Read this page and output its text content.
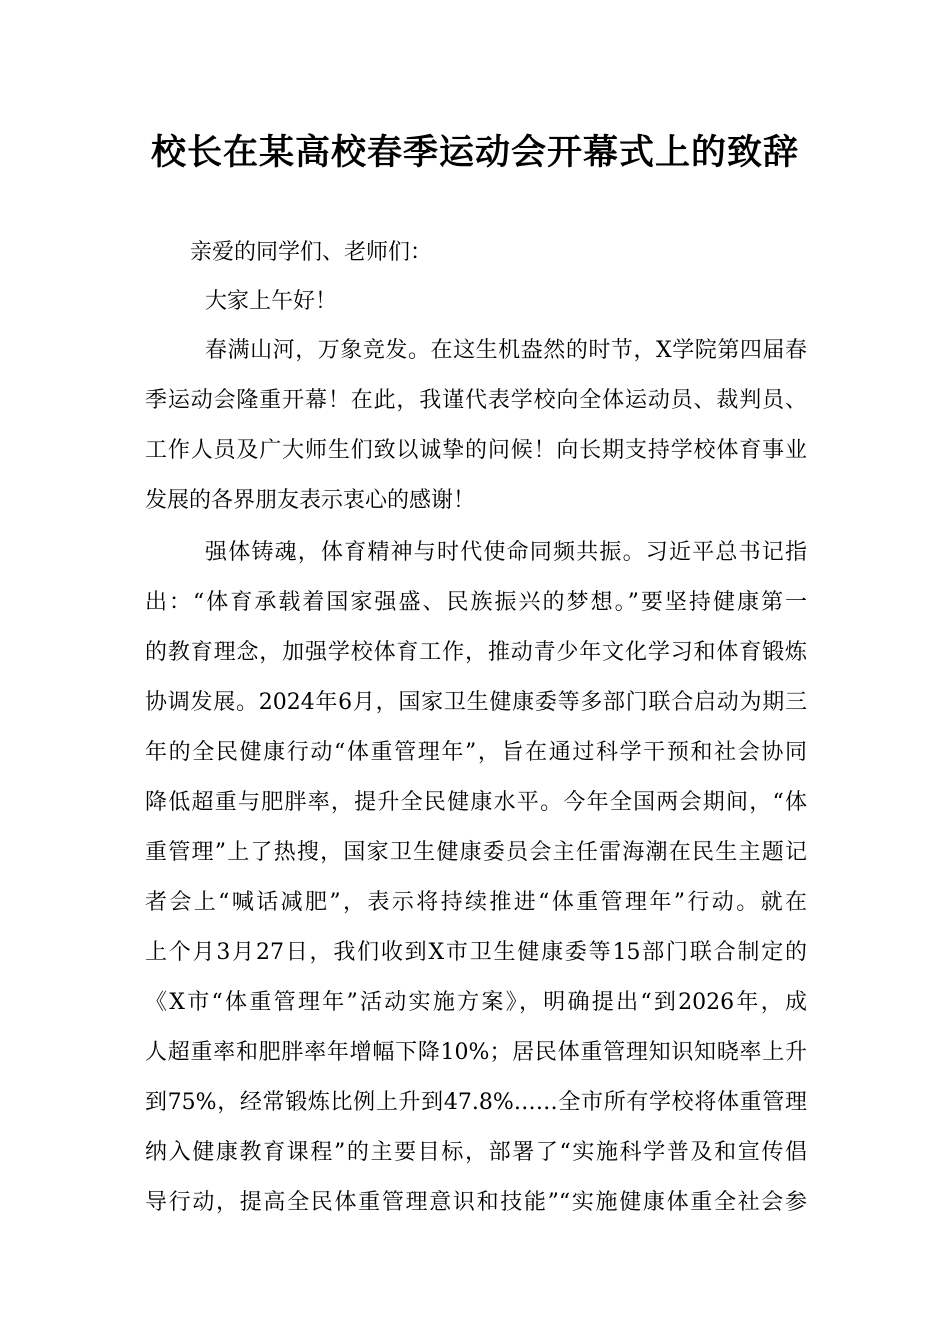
校长在某高校春季运动会开幕式上的致辞

亲爱的同学们、老师们：

大家上午好！

春满山河，万象竞发。在这生机盎然的时节，X学院第四届春
季运动会隆重开幕！在此，我谨代表学校向全体运动员、裁判员、
工作人员及广大师生们致以诚挚的问候！向长期支持学校体育事业
发展的各界朋友表示衷心的感谢！
强体铸魂，体育精神与时代使命同频共振。习近平总书记指
出：“体育承载着国家强盛、民族振兴的梦想。”要坚持健康第一
的教育理念，加强学校体育工作，推动青少年文化学习和体育锻炼
协调发展。2024年6月，国家卫生健康委等多部门联合启动为期三
年的全民健康行动“体重管理年”，旨在通过科学干预和社会协同
降低超重与肥胖率，提升全民健康水平。今年全国两会期间，“体
重管理”上了热搜，国家卫生健康委员会主任雷海潮在民生主题记
者会上“喊话减肥”，表示将持续推进“体重管理年”行动。就在
上个月3月27日，我们收到X市卫生健康委等15部门联合制定的
《X市“体重管理年”活动实施方案》，明确提出“到2026年，成
人超重率和肥胖率年增幅下降10%；居民体重管理知识知晓率上升
到75%，经常锻炼比例上升到47.8%……全市所有学校将体重管理
纳入健康教育课程”的主要目标，部署了“实施科学普及和宣传倡
导行动，提高全民体重管理意识和技能”“实施健康体重全社会参
